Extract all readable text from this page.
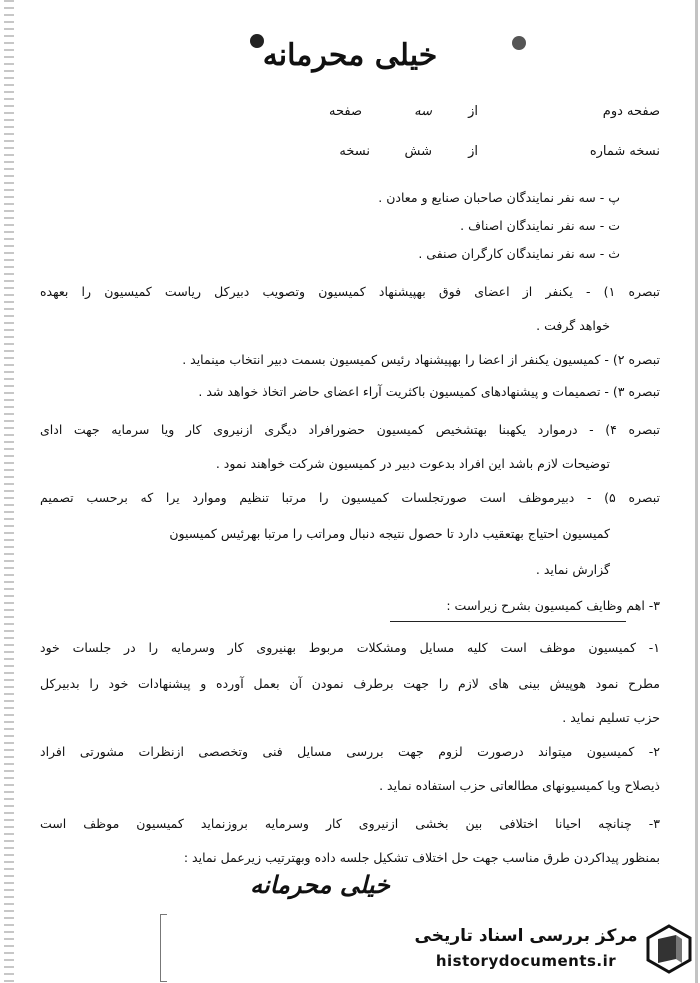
خیلی محرمانه
صفحه دوم
از
سه
صفحه
نسخه شماره
از
شش
نسخه
پ - سه نفر نمایندگان صاحبان صنایع و معادن .
ت - سه نفر نمایندگان اصناف .
ث - سه نفر نمایندگان کارگران صنفی .
تبصره ۱) - یکنفر از اعضای فوق بهپیشنهاد کمیسیون وتصویب دبیرکل ریاست کمیسیون را بعهده
خواهد گرفت .
تبصره ۲) - کمیسیون یکنفر از اعضا را بهپیشنهاد رئیس کمیسیون بسمت دبیر انتخاب مینماید .
تبصره ۳) - تصمیمات و پیشنهادهای کمیسیون باکثریت آراء اعضای حاضر اتخاذ خواهد شد .
تبصره ۴) - درموارد یکهبنا بهتشخیص کمیسیون حضورافراد دیگری ازنیروی کار ویا سرمایه جهت ادای
توضیحات لازم باشد این افراد بدعوت دبیر در کمیسیون شرکت خواهند نمود .
تبصره ۵) - دبیرموظف است صورتجلسات کمیسیون را مرتبا تنظیم وموارد یرا که برحسب تصمیم
کمیسیون احتیاج بهتعقیب دارد تا حصول نتیجه دنبال ومراتب را مرتبا بهرئیس کمیسیون
گزارش نماید .
۳- اهم وظایف کمیسیون بشرح زیراست :
۱- کمیسیون موظف است کلیه مسایل ومشکلات مربوط بهنیروی کار وسرمایه را در جلسات خود
مطرح نمود هوپیش بینی های لازم را جهت برطرف نمودن آن بعمل آورده و پیشنهادات خود را بدبیرکل
حزب تسلیم نماید .
۲- کمیسیون میتواند درصورت لزوم جهت بررسی مسایل فنی وتخصصی ازنظرات مشورتی افراد
ذیصلاح ویا کمیسیونهای مطالعاتی حزب استفاده نماید .
۳- چنانچه احیانا اختلافی بین بخشی ازنیروی کار وسرمایه بروزنماید کمیسیون موظف است
بمنظور پیداکردن طرق مناسب جهت حل اختلاف تشکیل جلسه داده وبهترتیب زیرعمل نماید :
خیلی محرمانه
مرکز بررسی اسناد تاریخی
historydocuments.ir
